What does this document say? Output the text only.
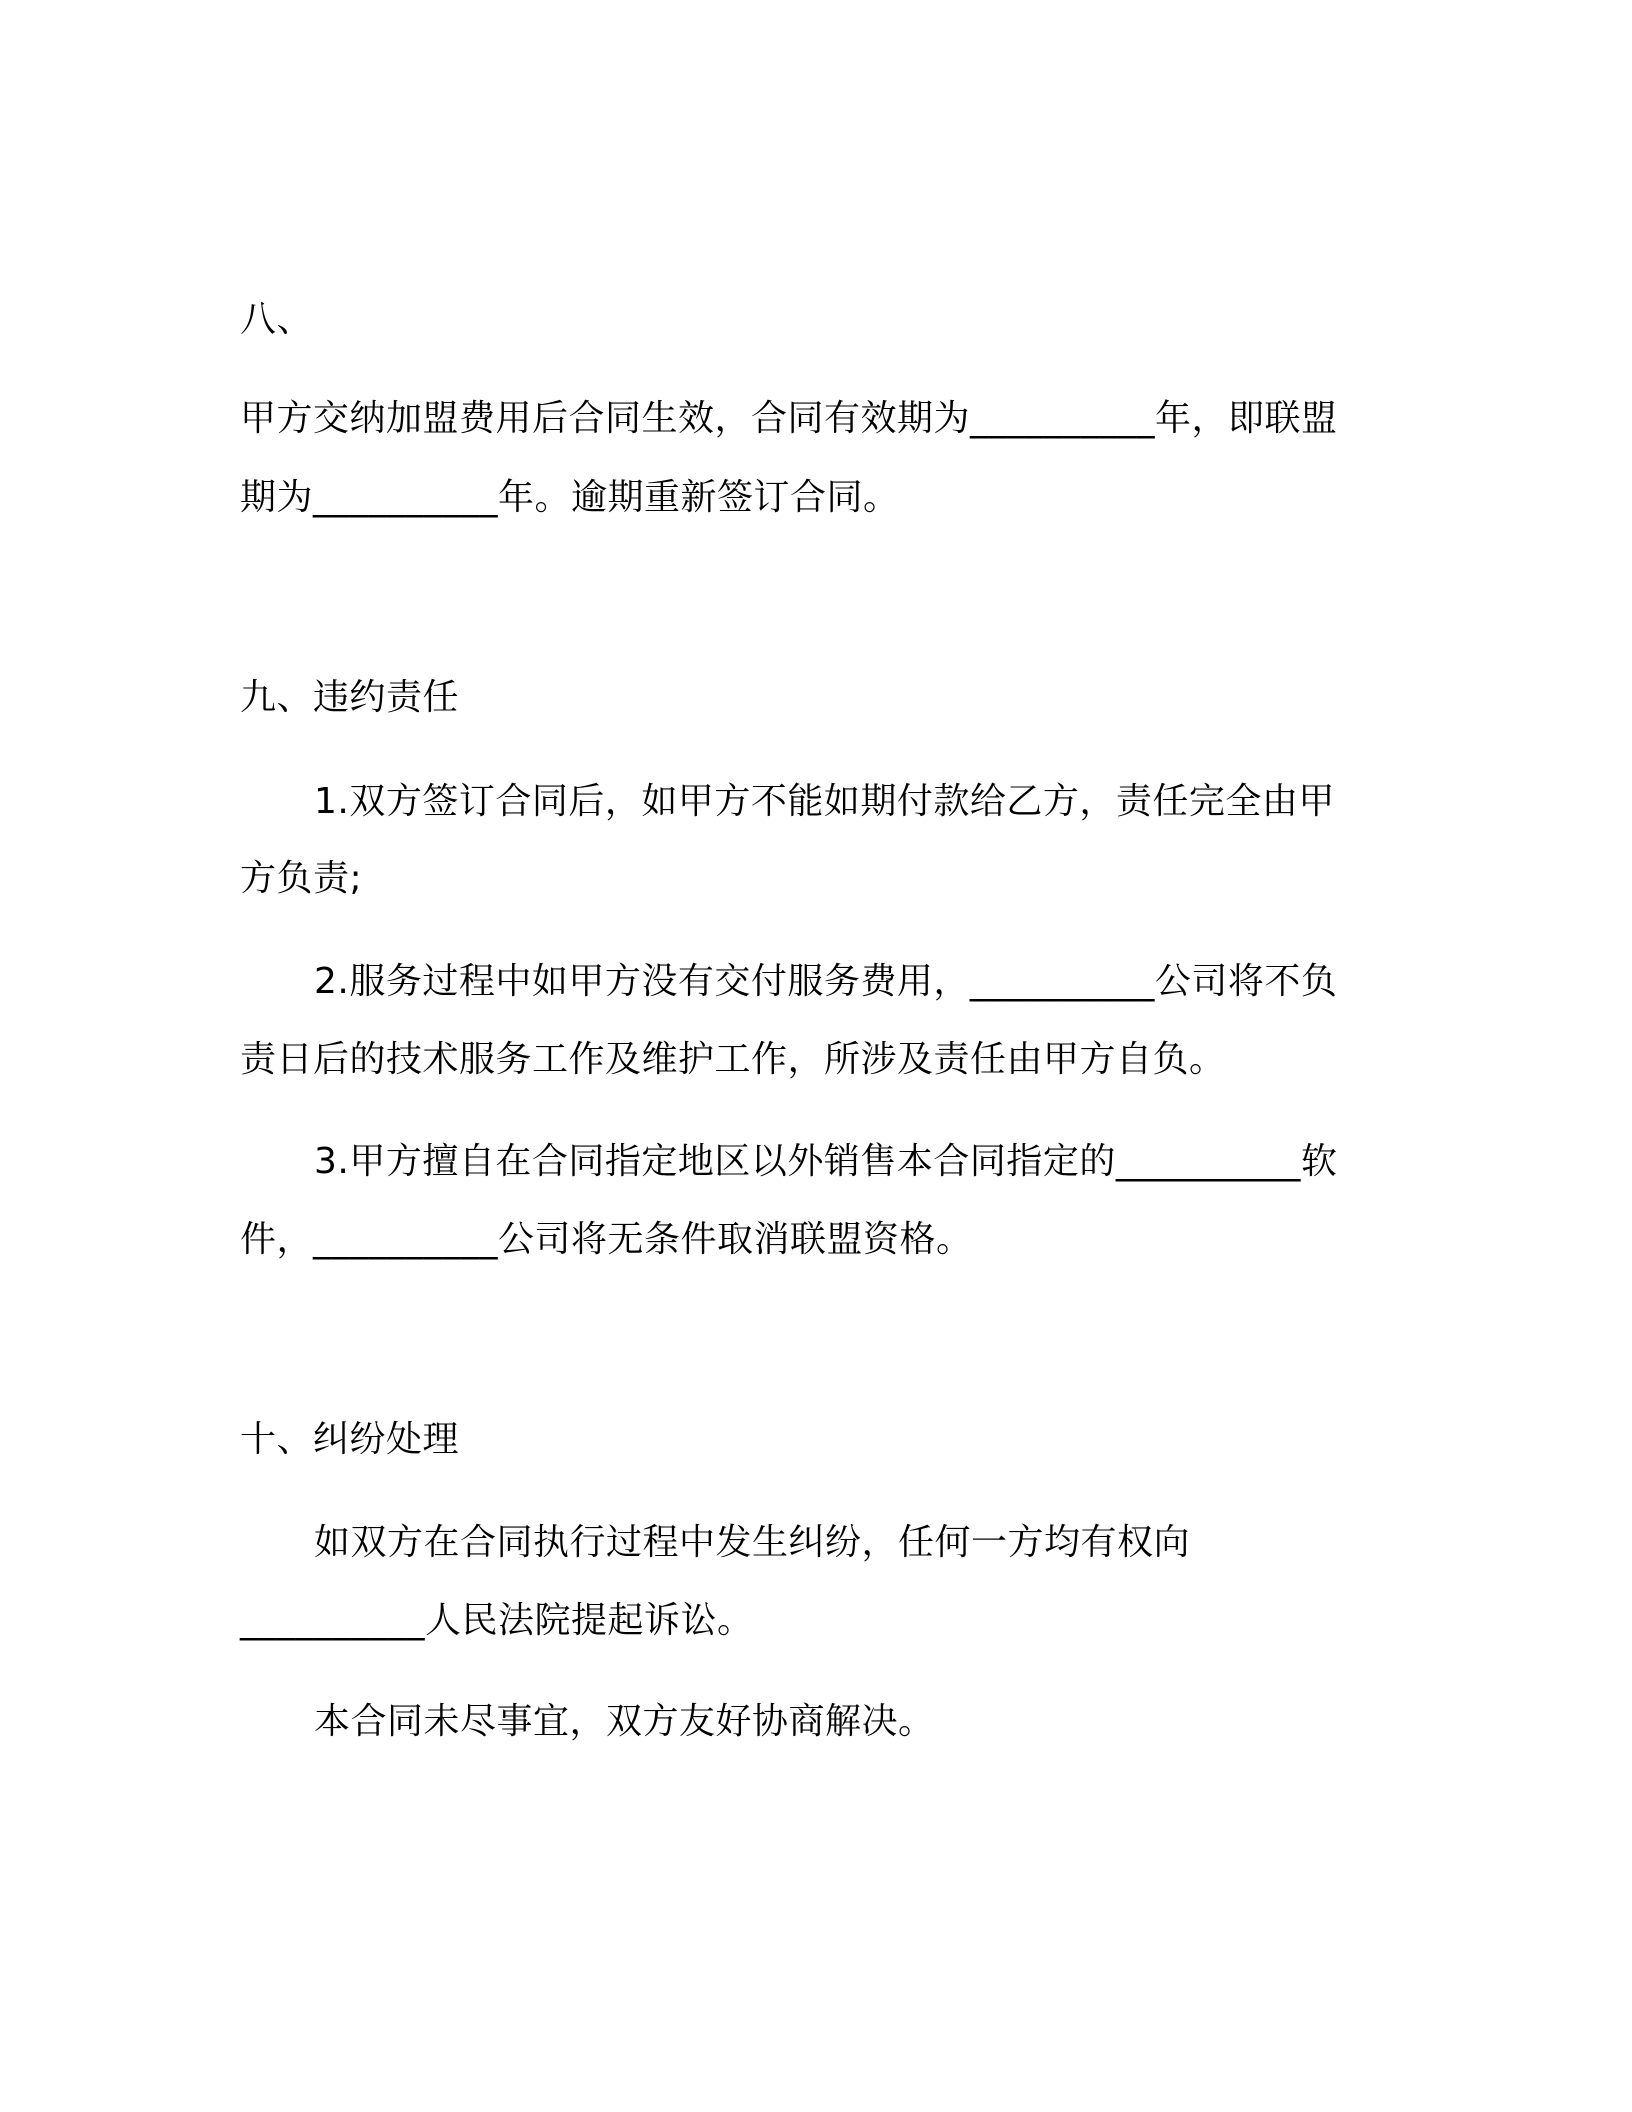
八、
甲方交纳加盟费用后合同生效，合同有效期为__________年，即联盟
期为__________年。逾期重新签订合同。
九、违约责任
1.双方签订合同后，如甲方不能如期付款给乙方，责任完全由甲
方负责;
2.服务过程中如甲方没有交付服务费用，__________公司将不负
责日后的技术服务工作及维护工作，所涉及责任由甲方自负。
3.甲方擅自在合同指定地区以外销售本合同指定的__________软
件，__________公司将无条件取消联盟资格。
十、纠纷处理
如双方在合同执行过程中发生纠纷，任何一方均有权向
__________人民法院提起诉讼。
本合同未尽事宜，双方友好协商解决。
